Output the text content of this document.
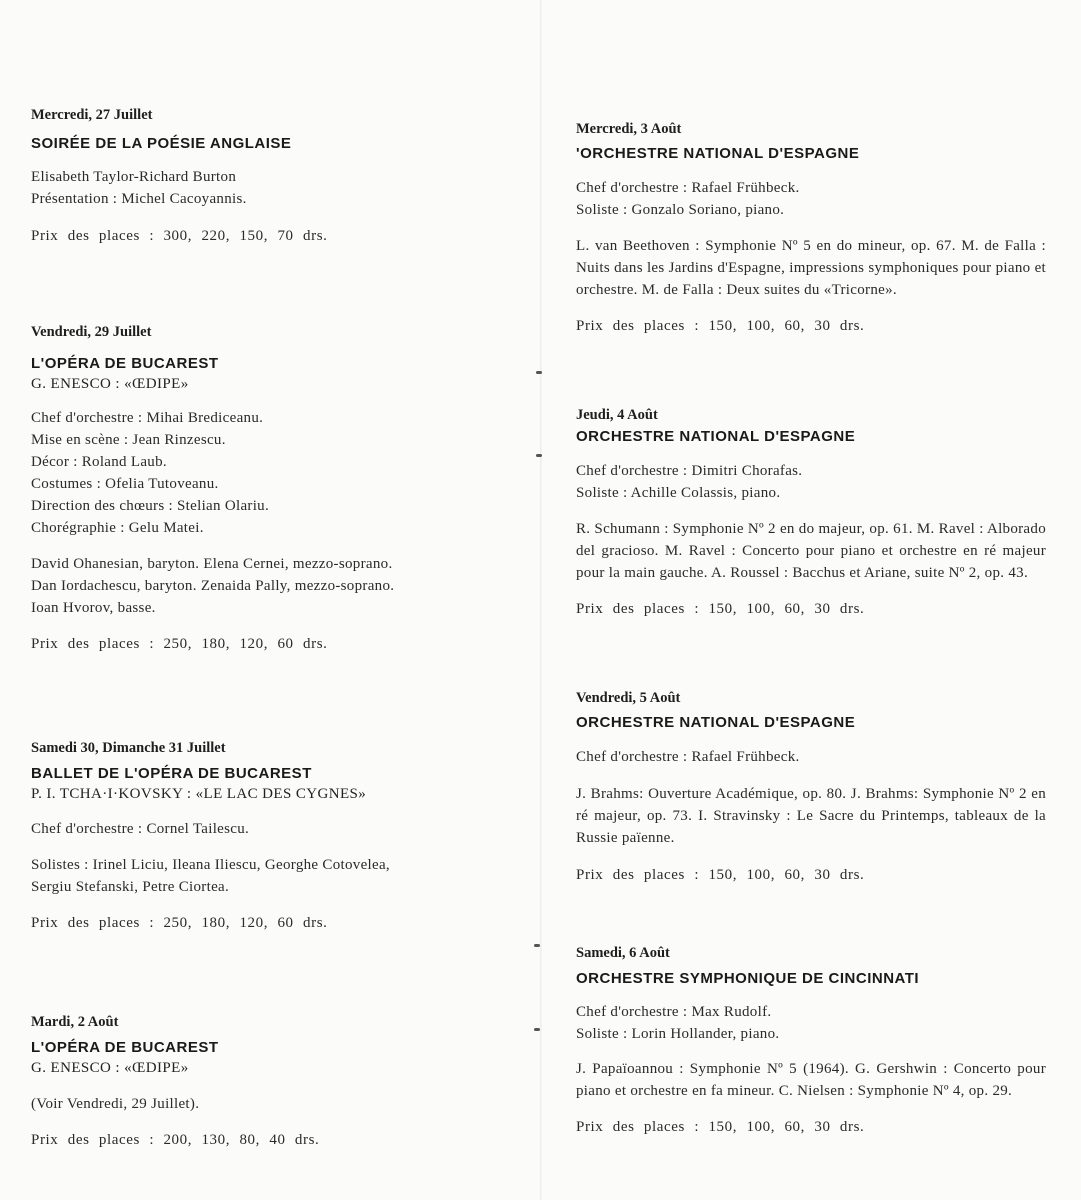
Mercredi, 27 Juillet
SOIRÉE DE LA POÉSIE ANGLAISE
Elisabeth Taylor-Richard Burton
Présentation : Michel Cacoyannis.
Prix des places : 300, 220, 150, 70 drs.
Vendredi, 29 Juillet
L'OPÉRA DE BUCAREST
G. ENESCO : «ŒDIPE»
Chef d'orchestre : Mihai Brediceanu.
Mise en scène : Jean Rinzescu.
Décor : Roland Laub.
Costumes : Ofelia Tutoveanu.
Direction des chœurs : Stelian Olariu.
Chorégraphie : Gelu Matei.
David Ohanesian, baryton. Elena Cernei, mezzo-soprano.
Dan Iordachescu, baryton. Zenaida Pally, mezzo-soprano.
Ioan Hvorov, basse.
Prix des places : 250, 180, 120, 60 drs.
Samedi 30, Dimanche 31 Juillet
BALLET DE L'OPÉRA DE BUCAREST
P. I. TCHA·I·KOVSKY : «LE LAC DES CYGNES»
Chef d'orchestre : Cornel Tailescu.
Solistes : Irinel Liciu, Ileana Iliescu, Georghe Cotovelea,
Sergiu Stefanski, Petre Ciortea.
Prix des places : 250, 180, 120, 60 drs.
Mardi, 2 Août
L'OPÉRA DE BUCAREST
G. ENESCO : «ŒDIPE»
(Voir Vendredi, 29 Juillet).
Prix des places : 200, 130, 80, 40 drs.
Mercredi, 3 Août
'ORCHESTRE NATIONAL D'ESPAGNE
Chef d'orchestre : Rafael Frühbeck.
Soliste : Gonzalo Soriano, piano.
L. van Beethoven : Symphonie Nº 5 en do mineur, op. 67. M. de Falla : Nuits dans les Jardins d'Espagne, impressions symphoniques pour piano et orchestre. M. de Falla : Deux suites du «Tricorne».
Prix des places : 150, 100, 60, 30 drs.
Jeudi, 4 Août
ORCHESTRE NATIONAL D'ESPAGNE
Chef d'orchestre : Dimitri Chorafas.
Soliste : Achille Colassis, piano.
R. Schumann : Symphonie Nº 2 en do majeur, op. 61. M. Ravel : Alborado del gracioso. M. Ravel : Concerto pour piano et orchestre en ré majeur pour la main gauche. A. Roussel : Bacchus et Ariane, suite Nº 2, op. 43.
Prix des places : 150, 100, 60, 30 drs.
Vendredi, 5 Août
ORCHESTRE NATIONAL D'ESPAGNE
Chef d'orchestre : Rafael Frühbeck.
J. Brahms: Ouverture Académique, op. 80. J. Brahms: Symphonie Nº 2 en ré majeur, op. 73. I. Stravinsky : Le Sacre du Printemps, tableaux de la Russie païenne.
Prix des places : 150, 100, 60, 30 drs.
Samedi, 6 Août
ORCHESTRE SYMPHONIQUE DE CINCINNATI
Chef d'orchestre : Max Rudolf.
Soliste : Lorin Hollander, piano.
J. Papaïoannou : Symphonie Nº 5 (1964). G. Gershwin : Concerto pour piano et orchestre en fa mineur. C. Nielsen : Symphonie Nº 4, op. 29.
Prix des places : 150, 100, 60, 30 drs.
